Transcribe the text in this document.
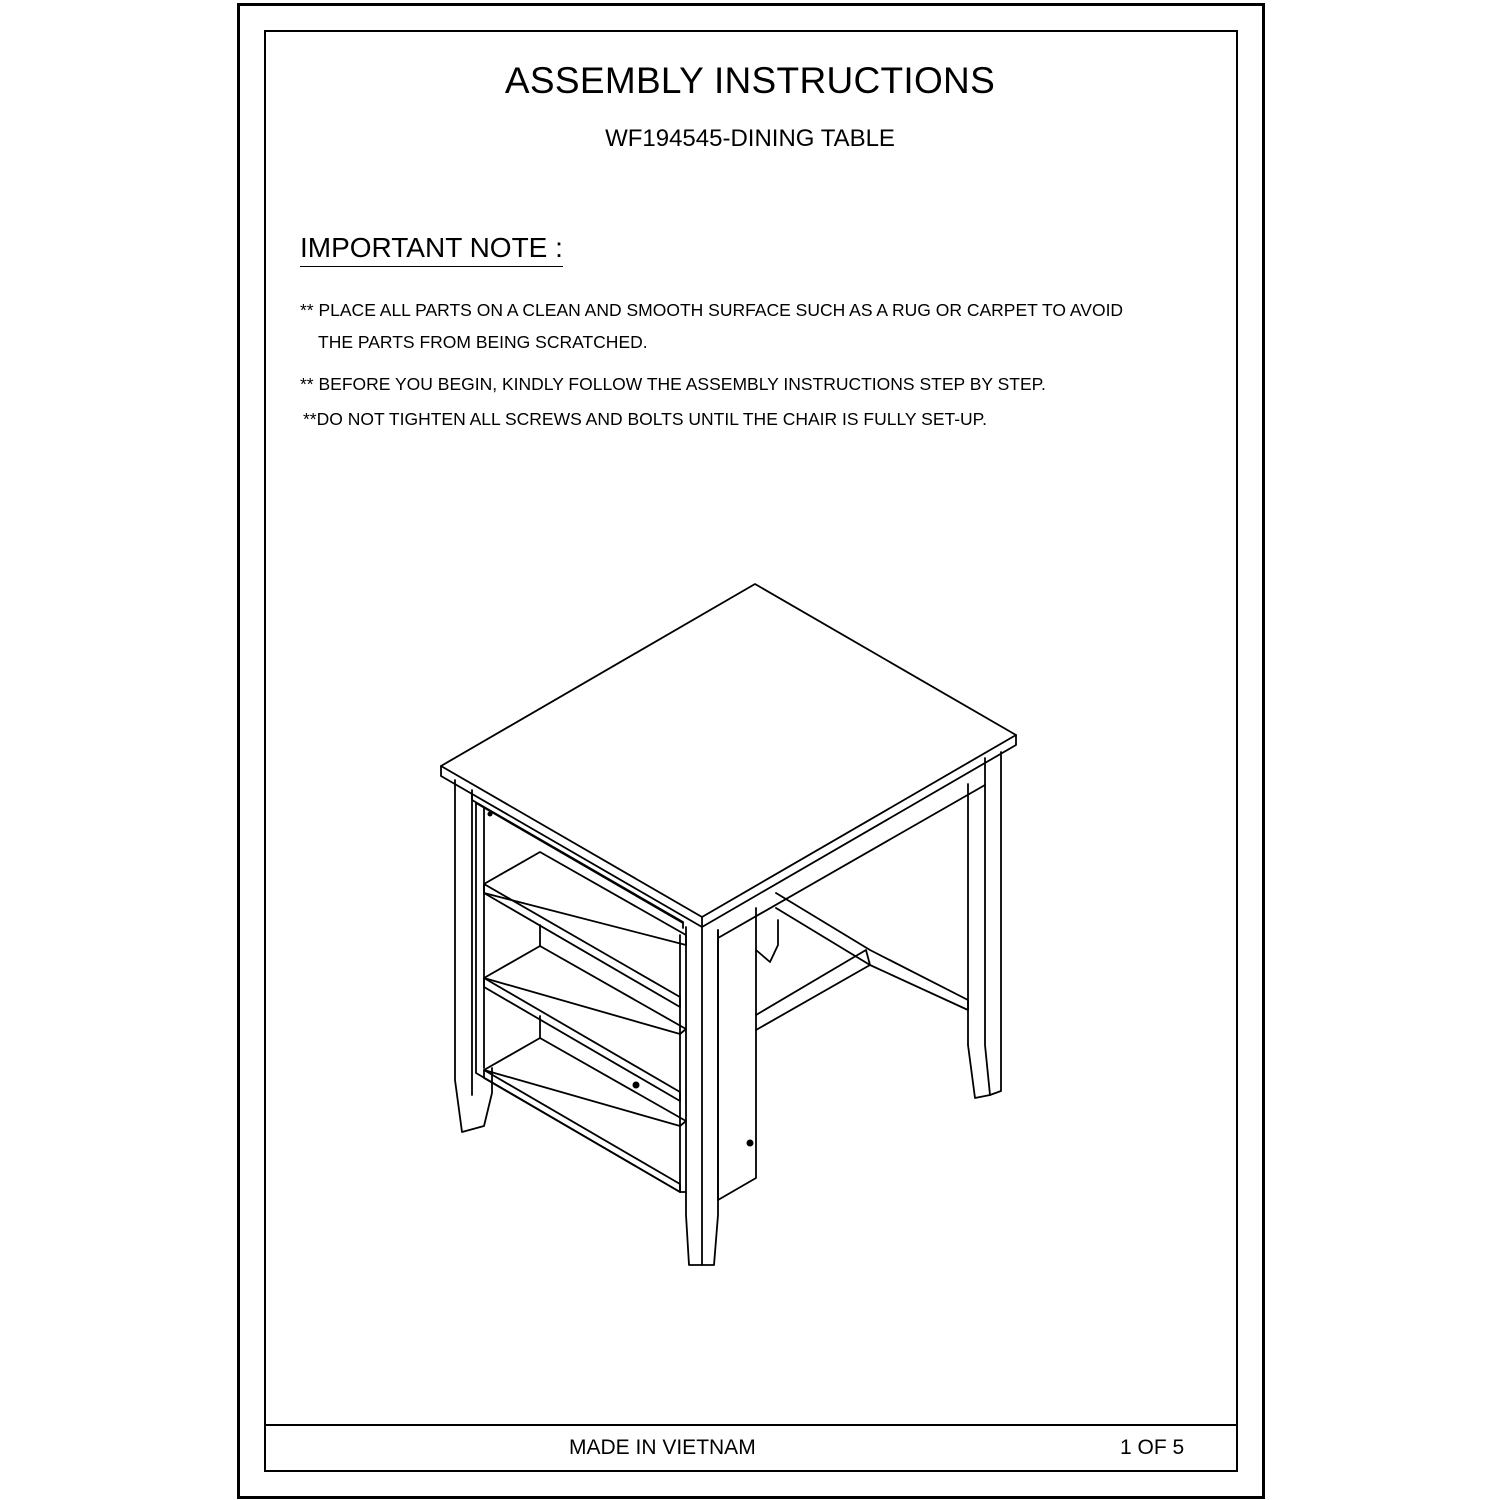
ASSEMBLY INSTRUCTIONS
WF194545-DINING TABLE
IMPORTANT NOTE :
** PLACE ALL PARTS ON A CLEAN AND SMOOTH SURFACE SUCH AS A RUG OR CARPET TO AVOID
THE PARTS FROM BEING SCRATCHED.
** BEFORE YOU BEGIN, KINDLY FOLLOW THE ASSEMBLY INSTRUCTIONS STEP BY STEP.
**DO NOT TIGHTEN ALL SCREWS AND BOLTS UNTIL THE CHAIR IS FULLY SET-UP.
MADE IN VIETNAM	1 OF 5
